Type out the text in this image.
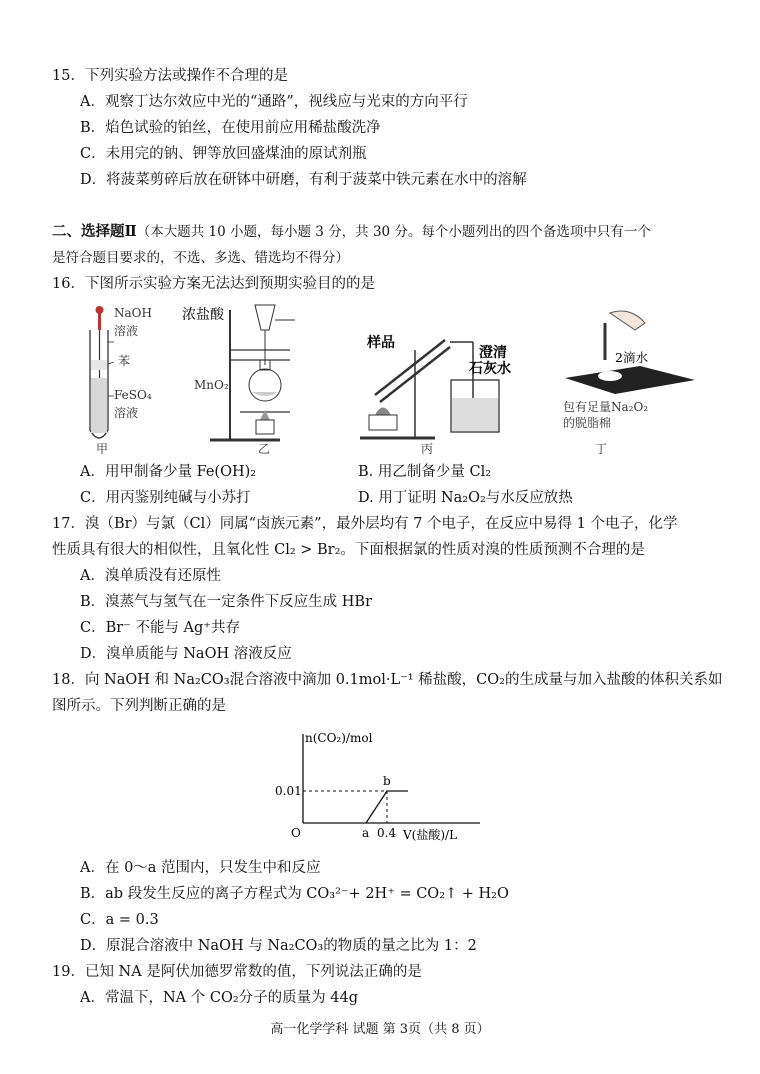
15．下列实验方法或操作不合理的是
A．观察丁达尔效应中光的“通路”，视线应与光束的方向平行
B．焰色试验的铂丝，在使用前应用稀盐酸洗净
C．未用完的钠、钾等放回盛煤油的原试剂瓶
D．将菠菜剪碎后放在研钵中研磨，有利于菠菜中铁元素在水中的溶解
二、选择题Ⅱ（本大题共 10 小题，每小题 3 分，共 30 分。每个小题列出的四个备选项中只有一个
是符合题目要求的，不选、多选、错选均不得分）
16．下图所示实验方案无法达到预期实验目的的是
NaOH
溶液
苯
FeSO₄
溶液
甲
浓盐酸
MnO₂
乙
样品
澄清
石灰水
丙
2滴水
包有足量Na₂O₂
的脱脂棉
丁
A．用甲制备少量 Fe(OH)₂	B. 用乙制备少量 Cl₂
C．用丙鉴别纯碱与小苏打	D. 用丁证明 Na₂O₂与水反应放热
17．溴（Br）与氯（Cl）同属“卤族元素”，最外层均有 7 个电子，在反应中易得 1 个电子，化学
性质具有很大的相似性，且氧化性 Cl₂ > Br₂。下面根据氯的性质对溴的性质预测不合理的是
A．溴单质没有还原性
B．溴蒸气与氢气在一定条件下反应生成 HBr
C．Br⁻ 不能与 Ag⁺共存
D．溴单质能与 NaOH 溶液反应
18．向 NaOH 和 Na₂CO₃混合溶液中滴加 0.1mol·L⁻¹ 稀盐酸，CO₂的生成量与加入盐酸的体积关系如
图所示。下列判断正确的是
n(CO₂)/mol
V(盐酸)/L
O
0.01
a 0.4
b
A．在 0～a 范围内，只发生中和反应
B．ab 段发生反应的离子方程式为 CO₃²⁻+ 2H⁺ = CO₂↑ + H₂O
C．a = 0.3
D．原混合溶液中 NaOH 与 Na₂CO₃的物质的量之比为 1：2
19．已知 NA 是阿伏加德罗常数的值，下列说法正确的是
A．常温下，NA 个 CO₂分子的质量为 44g
高一化学学科 试题 第 3页（共 8 页）
